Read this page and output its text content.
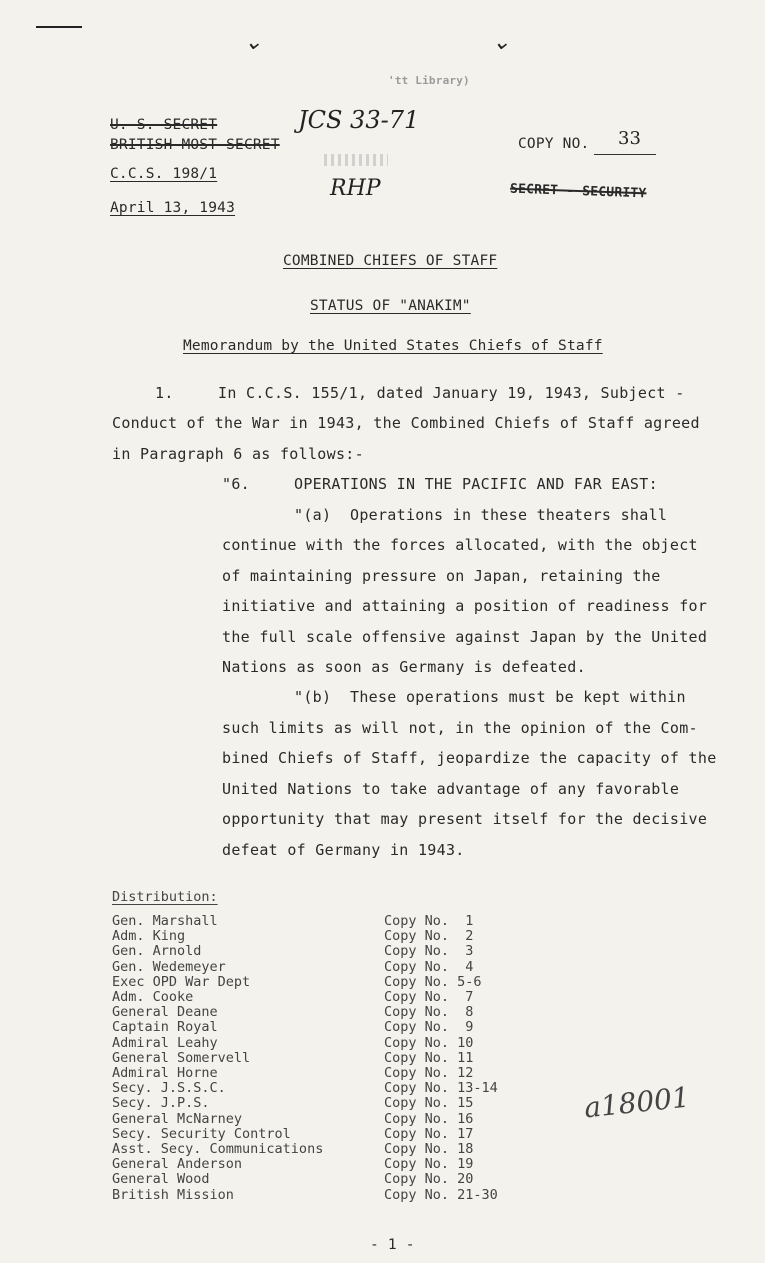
⌄	⌄
'tt Library)
U. S. SECRET
BRITISH MOST SECRET
C.C.S. 198/1
April 13, 1943
JCS 33-71
RHP
COPY NO. 33
SECRET - SECURITY
COMBINED CHIEFS OF STAFF
STATUS OF "ANAKIM"
Memorandum by the United States Chiefs of Staff
1.	In C.C.S. 155/1, dated January 19, 1943, Subject -
Conduct of the War in 1943, the Combined Chiefs of Staff agreed
in Paragraph 6 as follows:-
"6.	OPERATIONS IN THE PACIFIC AND FAR EAST:
"(a)  Operations in these theaters shall
continue with the forces allocated, with the object
of maintaining pressure on Japan, retaining the
initiative and attaining a position of readiness for
the full scale offensive against Japan by the United
Nations as soon as Germany is defeated.
"(b)  These operations must be kept within
such limits as will not, in the opinion of the Com-
bined Chiefs of Staff, jeopardize the capacity of the
United Nations to take advantage of any favorable
opportunity that may present itself for the decisive
defeat of Germany in 1943.
Distribution:
Gen. Marshall	Copy No.  1
Adm. King	Copy No.  2
Gen. Arnold	Copy No.  3
Gen. Wedemeyer	Copy No.  4
Exec OPD War Dept	Copy No. 5-6
Adm. Cooke	Copy No.  7
General Deane	Copy No.  8
Captain Royal	Copy No.  9
Admiral Leahy	Copy No. 10
General Somervell	Copy No. 11
Admiral Horne	Copy No. 12
Secy. J.S.S.C.	Copy No. 13-14
Secy. J.P.S.	Copy No. 15
General McNarney	Copy No. 16
Secy. Security Control	Copy No. 17
Asst. Secy. Communications	Copy No. 18
General Anderson	Copy No. 19
General Wood	Copy No. 20
British Mission	Copy No. 21-30
a18001
- 1 -
